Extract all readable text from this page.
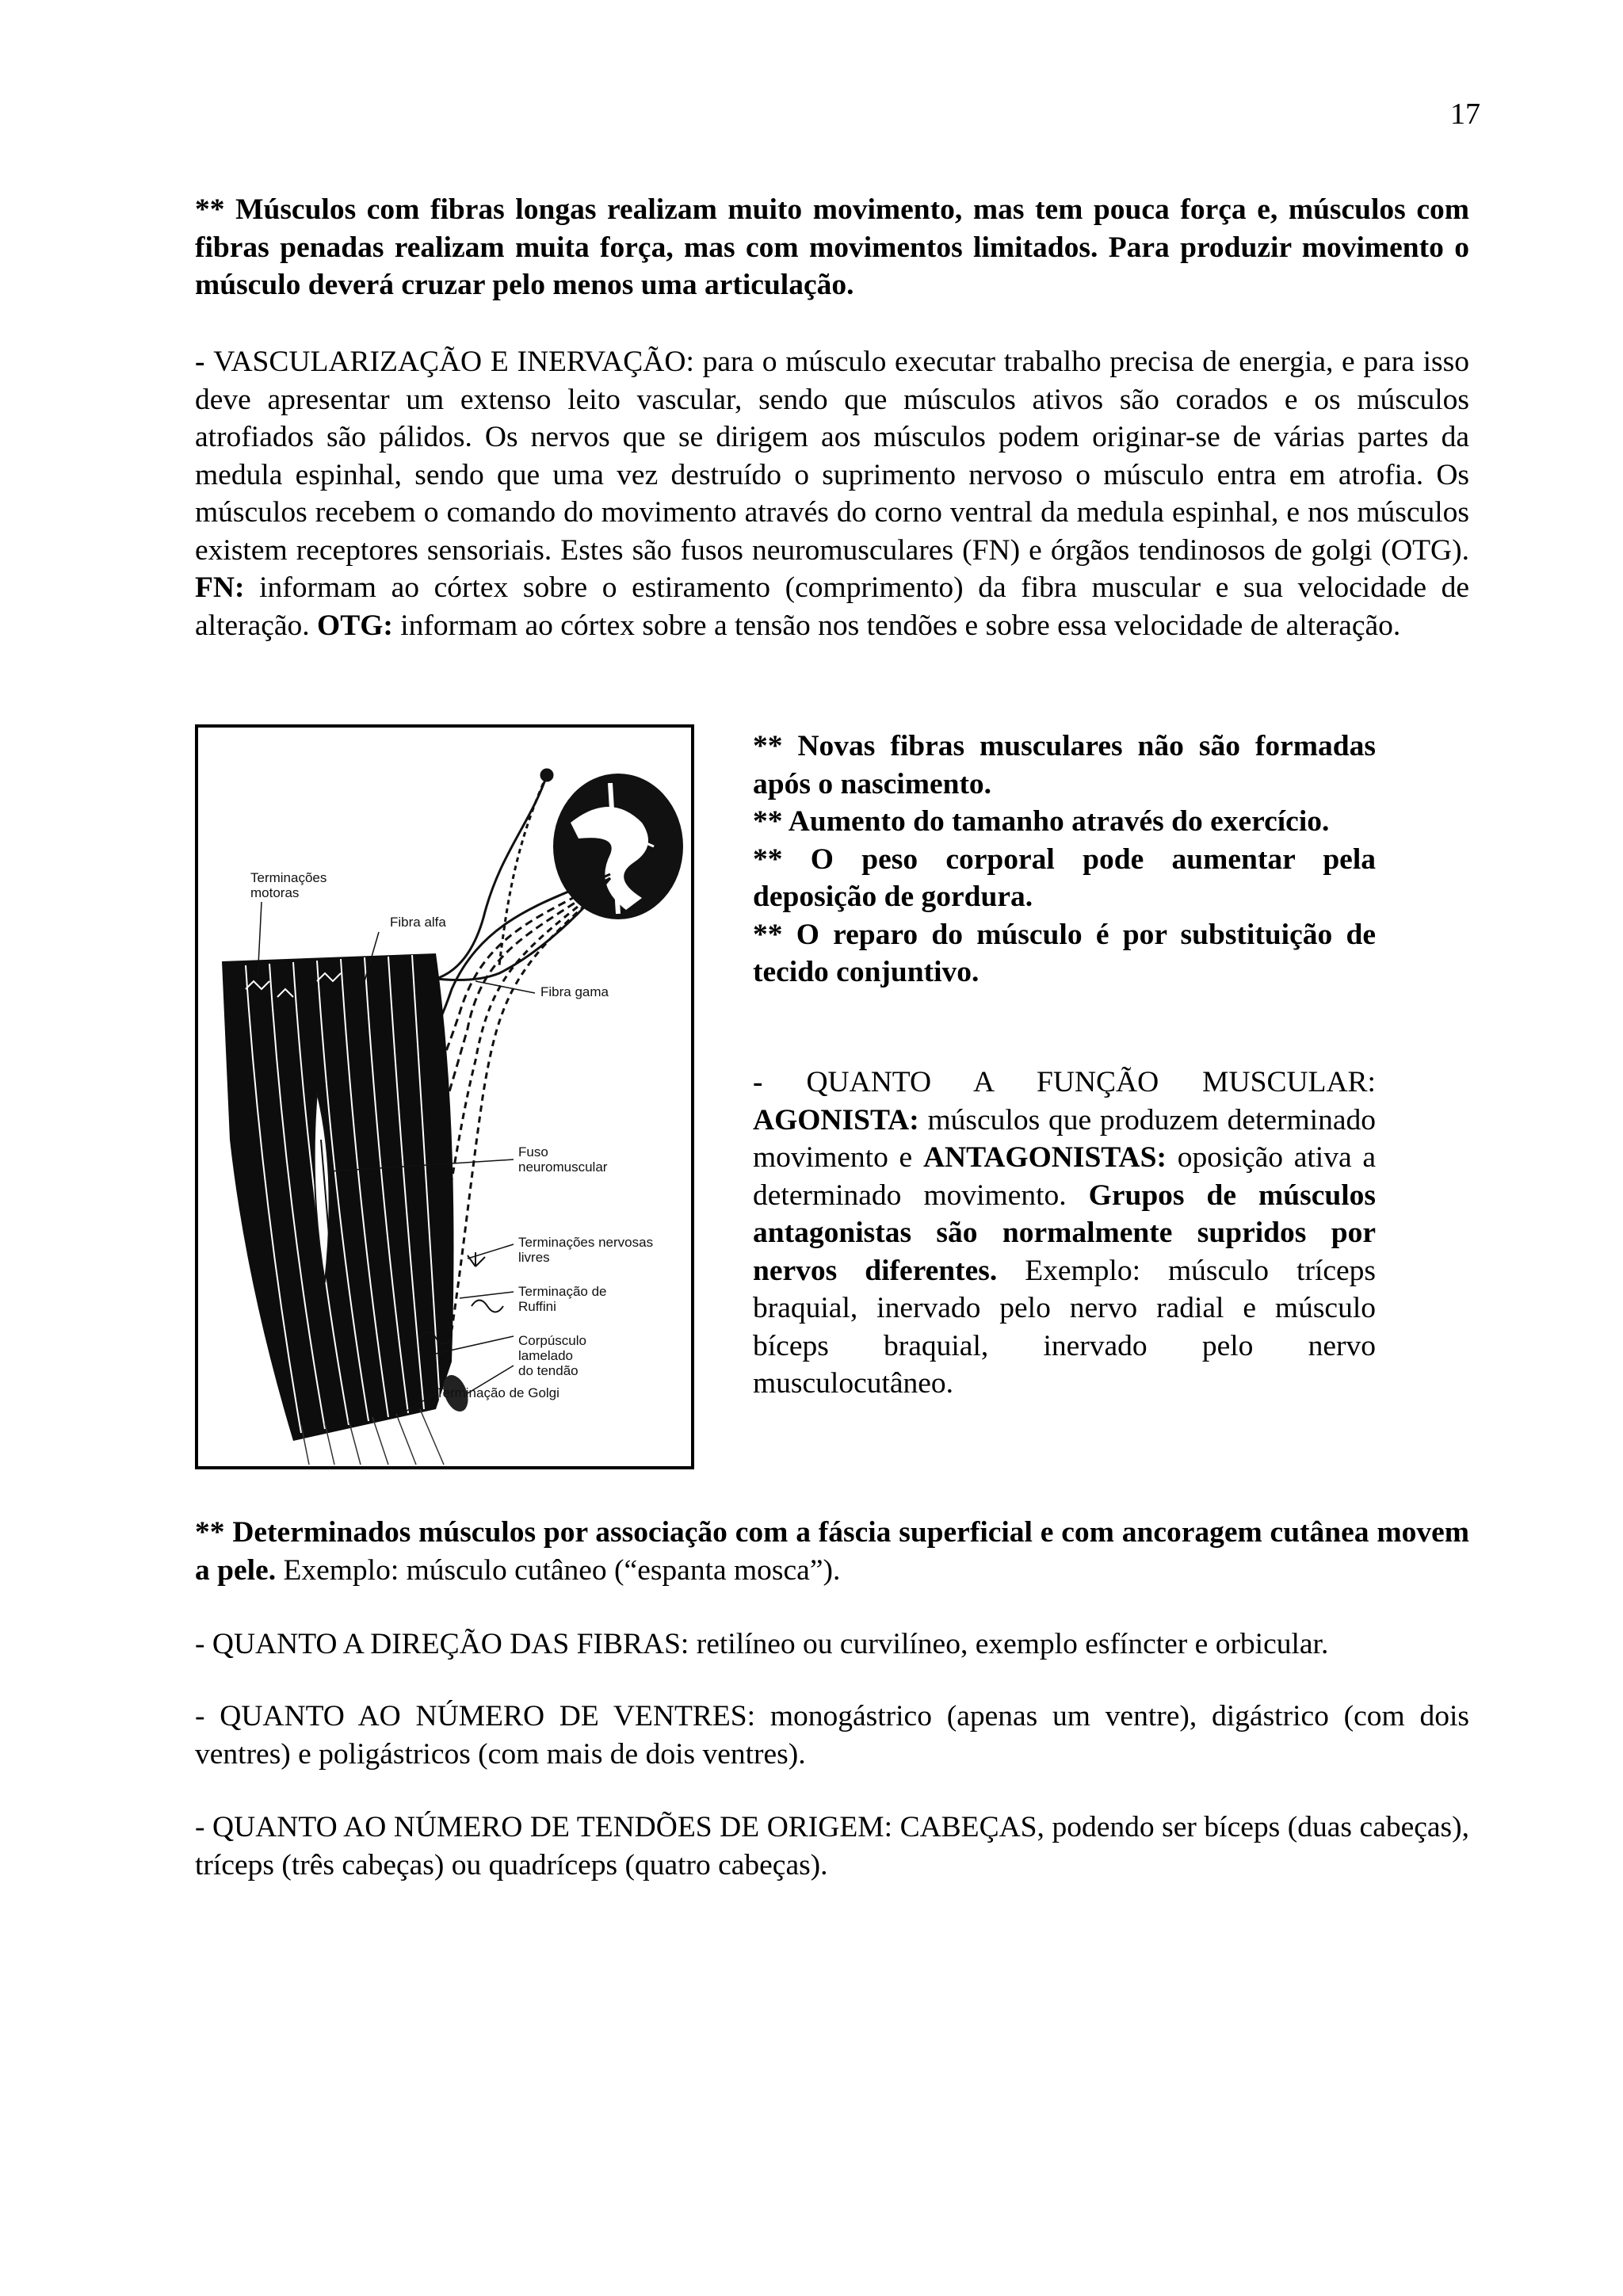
17

** Músculos com fibras longas realizam muito movimento, mas tem pouca força e, músculos com fibras penadas realizam muita força, mas com movimentos limitados. Para produzir movimento o músculo deverá cruzar pelo menos uma articulação.

- VASCULARIZAÇÃO E INERVAÇÃO: para o músculo executar trabalho precisa de energia, e para isso deve apresentar um extenso leito vascular, sendo que músculos ativos são corados e os músculos atrofiados são pálidos. Os nervos que se dirigem aos músculos podem originar-se de várias partes da medula espinhal, sendo que uma vez destruído o suprimento nervoso o músculo entra em atrofia. Os músculos recebem o comando do movimento através do corno ventral da medula espinhal, e nos músculos existem receptores sensoriais. Estes são fusos neuromusculares (FN) e órgãos tendinosos de golgi (OTG). FN: informam ao córtex sobre o estiramento (comprimento) da fibra muscular e sua velocidade de alteração. OTG: informam ao córtex sobre a tensão nos tendões e sobre essa velocidade de alteração.

Terminações
motoras
Fibra alfa
Fibra gama
Fuso
neuromuscular
Terminações nervosas
livres
Terminação de
Ruffini
Corpúsculo
lamelado
do tendão
Terminação de Golgi
** Novas fibras musculares não são formadas após o nascimento.
** Aumento do tamanho através do exercício.
** O peso corporal pode aumentar pela deposição de gordura.
** O reparo do músculo é por substituição de tecido conjuntivo.

- QUANTO A FUNÇÃO MUSCULAR: AGONISTA: músculos que produzem determinado movimento e ANTAGONISTAS: oposição ativa a determinado movimento. Grupos de músculos antagonistas são normalmente supridos por nervos diferentes. Exemplo: músculo tríceps braquial, inervado pelo nervo radial e músculo bíceps braquial, inervado pelo nervo musculocutâneo.

** Determinados músculos por associação com a fáscia superficial e com ancoragem cutânea movem a pele. Exemplo: músculo cutâneo (“espanta mosca”).

- QUANTO A DIREÇÃO DAS FIBRAS: retilíneo ou curvilíneo, exemplo esfíncter e orbicular.

- QUANTO AO NÚMERO DE VENTRES: monogástrico (apenas um ventre), digástrico (com dois ventres) e poligástricos (com mais de dois ventres).

- QUANTO AO NÚMERO DE TENDÕES DE ORIGEM: CABEÇAS, podendo ser bíceps (duas cabeças), tríceps (três cabeças) ou quadríceps (quatro cabeças).
